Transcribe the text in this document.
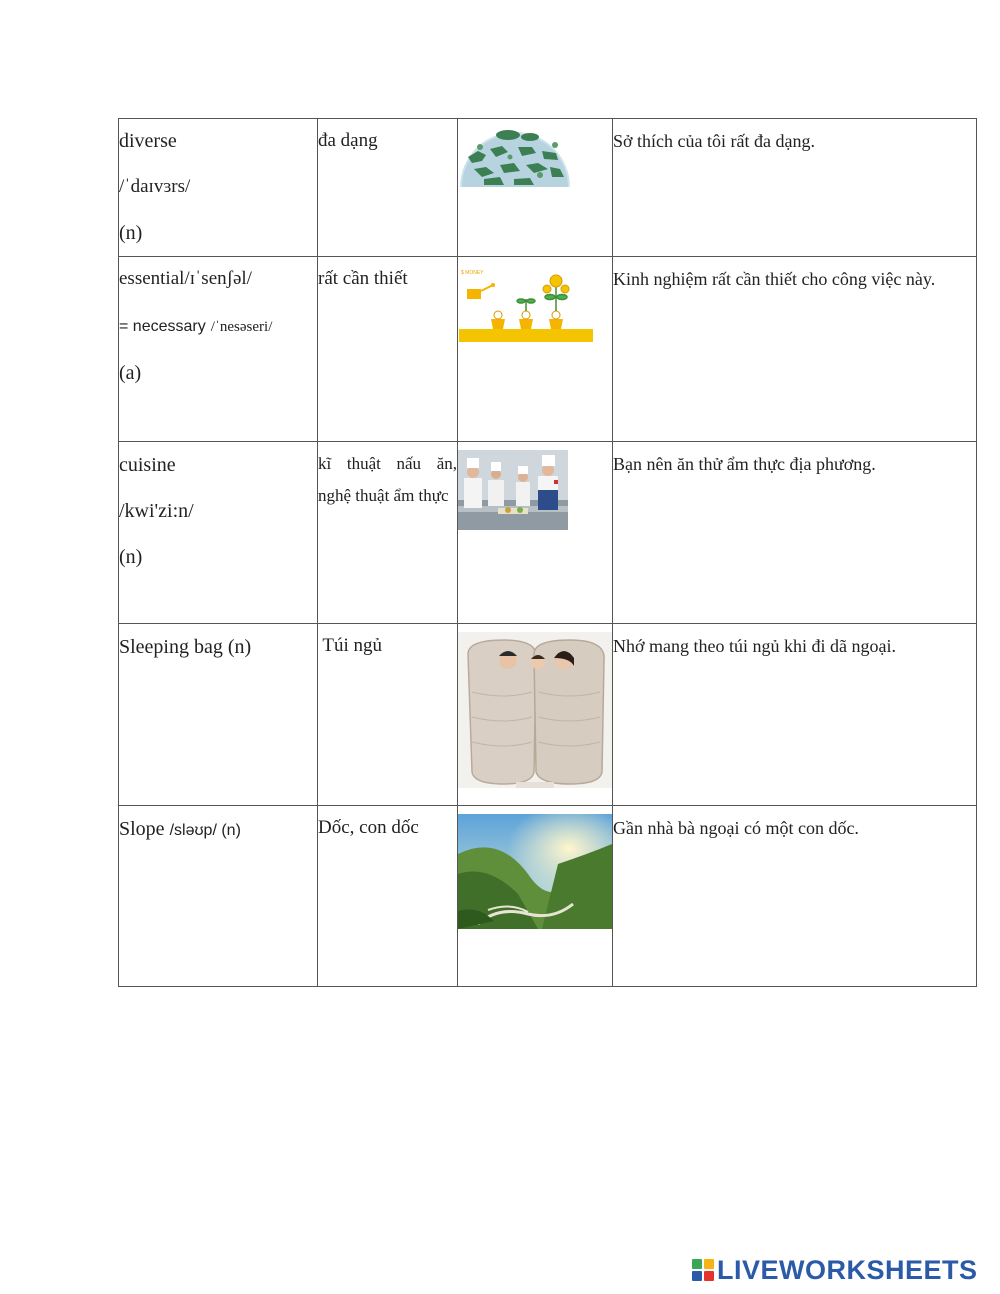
diverse
/ˈdaɪvɜrs/
(n)	đa dạng		Sở thích của tôi rất đa dạng.

essential/ɪˈsenʃəl/
= necessary /ˈnesəseri/
(a)	rất cần thiết	$ MONEY	Kinh nghiệm rất cần thiết cho công việc này.

cuisine
/kwi'zi:n/
(n)	kĩ thuật nấu ăn, nghệ thuật ẩm thực		Bạn nên ăn thử ẩm thực địa phương.

Sleeping bag (n)	Túi ngủ		Nhớ mang theo túi ngủ khi đi dã ngoại.

Slope /sləʊp/ (n)	Dốc, con dốc		Gần nhà bà ngoại có một con dốc.
LIVEWORKSHEETS
